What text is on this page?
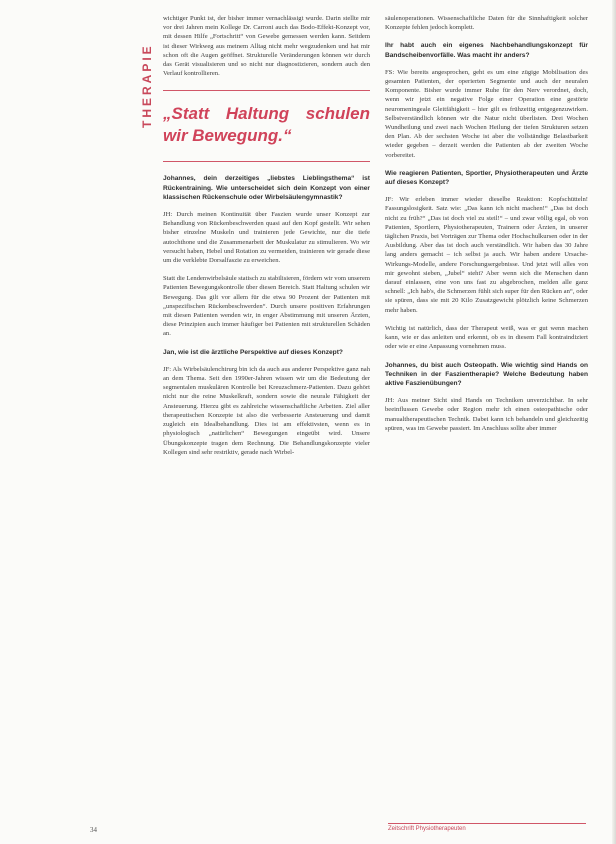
THERAPIE

wichtiger Punkt ist, der bisher immer vernachlässigt wurde. Darin stellte mir vor drei Jahren mein Kollege Dr. Carroni auch das Bodo-Effekt-Konzept vor, mit dessen Hilfe „Fortschritt“ von Gewebe gemessen werden kann. Seitdem ist dieser Wirkweg aus meinem Alltag nicht mehr wegzudenken und hat mir schon oft die Augen geöffnet. Strukturelle Veränderungen können wir durch das Gerät visualisieren und so nicht nur diagnostizieren, sondern auch den Verlauf kontrollieren.

„Statt Haltung schulen wir Bewegung.“

Johannes, dein derzeitiges „liebstes Lieblingsthema“ ist Rückentraining. Wie unterscheidet sich dein Konzept von einer klassischen Rückenschule oder Wirbelsäulengymnastik?

JH: Durch meinen Kontinuität über Faszien wurde unser Konzept zur Behandlung von Rückenbeschwerden quasi auf den Kopf gestellt. Wir sehen bisher einzelne Muskeln und trainieren jede Gewichte, nur die tiefe autochthone und die Zusammenarbeit der Muskulatur zu stimulieren. Wo wir versucht haben, Hebel und Rotation zu vermeiden, trainieren wir gerade diese um die verklebte Dorsalfaszie zu erweichen.

Statt die Lendenwirbelsäule statisch zu stabilisieren, fördern wir vom unserem Patienten Bewegungskontrolle über diesen Bereich. Statt Haltung schulen wir Bewegung. Das gilt vor allem für die etwa 90 Prozent der Patienten mit „unspezifischen Rückenbeschwerden“. Durch unsere positiven Erfahrungen mit diesen Patienten wenden wir, in enger Abstimmung mit unseren Ärzten, diese Prinzipien auch immer häufiger bei Patienten mit strukturellen Schäden an.

Jan, wie ist die ärztliche Perspektive auf dieses Konzept?

JF: Als Wirbelsäulenchirurg bin ich da auch aus anderer Perspektive ganz nah an dem Thema. Seit den 1990er-Jahren wissen wir um die Bedeutung der segmentalen muskulären Kontrolle bei Kreuzschmerz-Patienten. Dazu gehört nicht nur die reine Muskelkraft, sondern sowie die neurale Fähigkeit der Ansteuerung. Hierzu gibt es zahlreiche wissenschaftliche Arbeiten. Ziel aller therapeutischen Konzepte ist also die verbesserte Ansteuerung und damit zugleich ein Idealbehandlung. Dies ist am effektivsten, wenn es in physiologisch „natürlichen“ Bewegungen eingeübt wird. Unsere Übungskonzepte tragen dem Rechnung. Die Behandlungskonzepte vieler Kollegen sind sehr restriktiv, gerade nach Wirbel-

säulenoperationen. Wissenschaftliche Daten für die Sinnhaftigkeit solcher Konzepte fehlen jedoch komplett.

Ihr habt auch ein eigenes Nachbehandlungskonzept für Bandscheibenvorfälle. Was macht ihr anders?

FS: Wie bereits angesprochen, geht es um eine zügige Mobilisation des gesamten Patienten, der operierten Segmente und auch der neuralen Komponente. Bisher wurde immer Ruhe für den Nerv verordnet, doch, wenn wir jetzt ein negative Folge einer Operation eine gestörte neuromeningeale Gleitfähigkeit – hier gilt es frühzeitig entgegenzuwirken. Selbstverständlich können wir die Natur nicht überlisten. Drei Wochen Wundheilung und zwei nach Wochen Heilung der tiefen Strukturen setzen den Plan. Ab der sechsten Woche ist aber die vollständige Belastbarkeit wieder gegeben – derzeit werden die Patienten ab der zweiten Woche vorbereitet.

Wie reagieren Patienten, Sportler, Physiotherapeuten und Ärzte auf dieses Konzept?

JF: Wir erleben immer wieder dieselbe Reaktion: Kopfschütteln! Fassungslosigkeit. Satz wie: „Das kann ich nicht machen!“ „Das ist doch nicht zu früh?“ „Das ist doch viel zu steil!“ – und zwar völlig egal, ob von Patienten, Sportlern, Physiotherapeuten, Trainern oder Ärzten, in unserer täglichen Praxis, bei Vorträgen zur Thema oder Hochschulkursen oder in der Ausbildung. Aber das ist doch auch verständlich. Wir haben das 30 Jahre lang anders gemacht – ich selbst ja auch. Wir haben andere Ursache-Wirkungs-Modelle, andere Forschungsergebnisse. Und jetzt will alles von mir gewohnt sieben, „Jubel“ steht? Aber wenn sich die Menschen dann darauf einlassen, eine von uns fast zu abgebrochen, melden alle ganz schnell: „Ich hab's, die Schmerzen fühlt sich super für den Rücken an“, oder sie spüren, dass sie mit 20 Kilo Zusatzgewicht plötzlich keine Schmerzen mehr haben.

Wichtig ist natürlich, dass der Therapeut weiß, was er gut wenn machen kann, wie er das anleiten und erkennt, ob es in diesem Fall kontraindiziert oder wie er eine Anpassung vornehmen muss.

Johannes, du bist auch Osteopath. Wie wichtig sind Hands on Techniken in der Faszientherapie? Welche Bedeutung haben aktive Faszienübungen?

JH: Aus meiner Sicht sind Hands on Techniken unverzichtbar. In sehr beeinflussen Gewebe oder Region mehr ich einen osteopathische oder manualtherapeutischen Technik. Dabei kann ich behandeln und gleichzeitig spüren, was im Gewebe passiert. Im Anschluss sollte aber immer

34	Zeitschrift Physiotherapeuten
